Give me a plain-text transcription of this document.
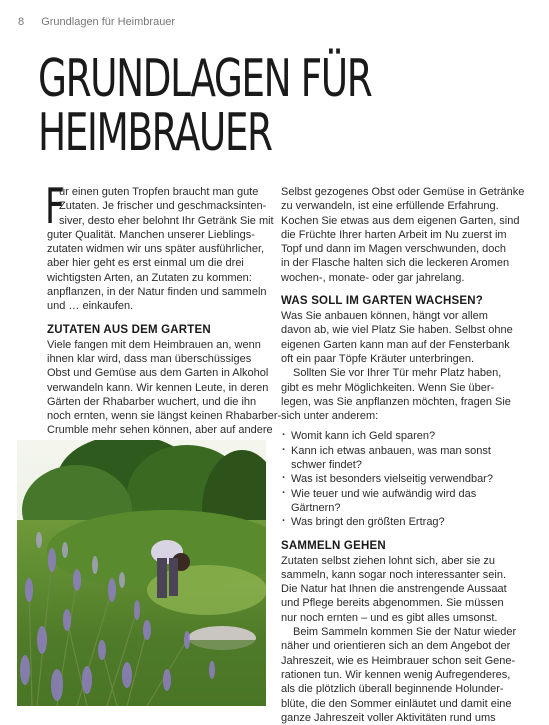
8 Grundlagen für Heimbrauer
GRUNDLAGEN FÜR
HEIMBRAUER
F
ür einen guten Tropfen braucht man gute
Zutaten. Je frischer und geschmacksinten-
siver, desto eher belohnt Ihr Getränk Sie mit
guter Qualität. Manchen unserer Lieblings-
zutaten widmen wir uns später ausführlicher,
aber hier geht es erst einmal um die drei
wichtigsten Arten, an Zutaten zu kommen:
anpflanzen, in der Natur finden und sammeln
und … einkaufen.
ZUTATEN AUS DEM GARTEN
Viele fangen mit dem Heimbrauen an, wenn
ihnen klar wird, dass man überschüssiges
Obst und Gemüse aus dem Garten in Alkohol
verwandeln kann. Wir kennen Leute, in deren
Gärten der Rhabarber wuchert, und die ihn
noch ernten, wenn sie längst keinen Rhabarber-
Crumble mehr sehen können, aber auf andere
Selbst gezogenes Obst oder Gemüse in Getränke
zu verwandeln, ist eine erfüllende Erfahrung.
Kochen Sie etwas aus dem eigenen Garten, sind
die Früchte Ihrer harten Arbeit im Nu zuerst im
Topf und dann im Magen verschwunden, doch
in der Flasche halten sich die leckeren Aromen
wochen-, monate- oder gar jahrelang.
WAS SOLL IM GARTEN WACHSEN?
Was Sie anbauen können, hängt vor allem
davon ab, wie viel Platz Sie haben. Selbst ohne
eigenen Garten kann man auf der Fensterbank
oft ein paar Töpfe Kräuter unterbringen.
Sollten Sie vor Ihrer Tür mehr Platz haben,
gibt es mehr Möglichkeiten. Wenn Sie über-
legen, was Sie anpflanzen möchten, fragen Sie
sich unter anderem:
· Womit kann ich Geld sparen?
· Kann ich etwas anbauen, was man sonst
schwer findet?
· Was ist besonders vielseitig verwendbar?
· Wie teuer und wie aufwändig wird das
Gärtnern?
· Was bringt den größten Ertrag?
SAMMELN GEHEN
Zutaten selbst ziehen lohnt sich, aber sie zu
sammeln, kann sogar noch interessanter sein.
Die Natur hat Ihnen die anstrengende Aussaat
und Pflege bereits abgenommen. Sie müssen
nur noch ernten – und es gibt alles umsonst.
Beim Sammeln kommen Sie der Natur wieder
näher und orientieren sich an dem Angebot der
Jahreszeit, wie es Heimbrauer schon seit Gene-
rationen tun. Wir kennen wenig Aufregenderes,
als die plötzlich überall beginnende Holunder-
blüte, die den Sommer einläutet und damit eine
ganze Jahreszeit voller Aktivitäten rund ums
